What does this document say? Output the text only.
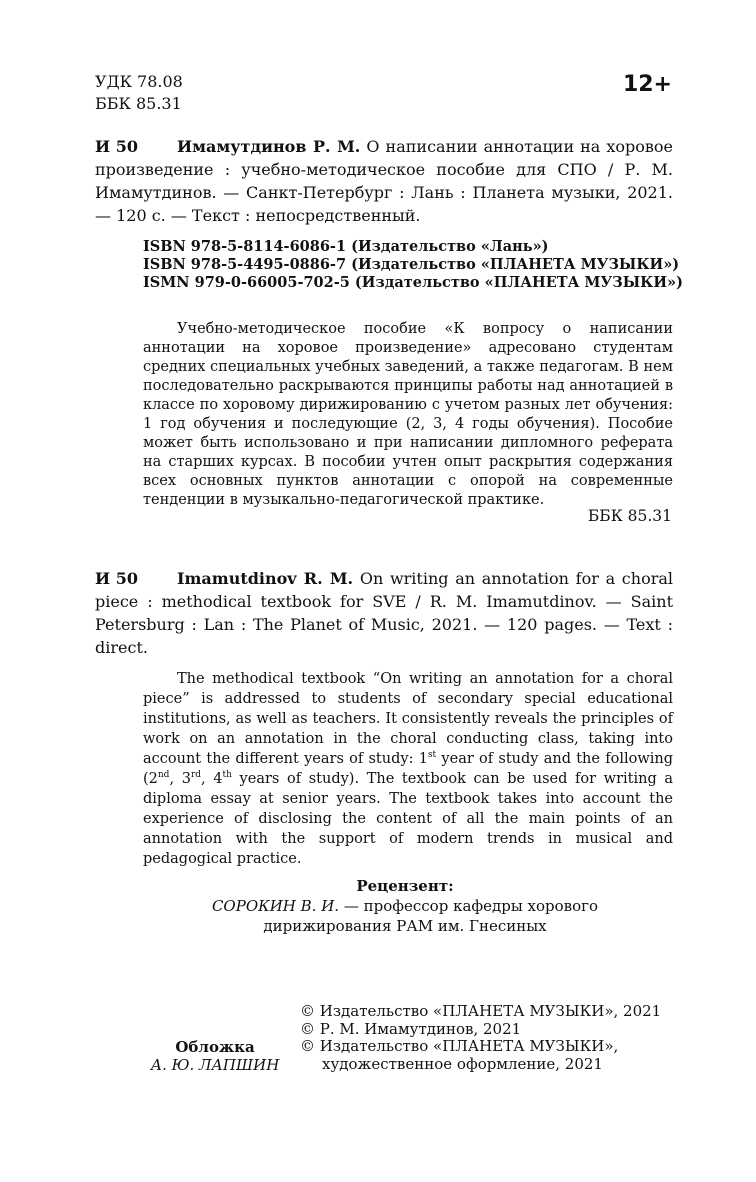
УДК 78.08
ББК 85.31
12+
И 50	Имамутдинов Р. М. О написании аннотации на хоровое произведение : учебно-методическое пособие для СПО / Р. М. Имамутдинов. — Санкт-Петербург : Лань : Планета музыки, 2021. — 120 с. — Текст : непосредственный.
ISBN 978-5-8114-6086-1 (Издательство «Лань»)
ISBN 978-5-4495-0886-7 (Издательство «ПЛАНЕТА МУЗЫКИ»)
ISMN 979-0-66005-702-5 (Издательство «ПЛАНЕТА МУЗЫКИ»)
Учебно-методическое пособие «К вопросу о написании аннотации на хоровое произведение» адресовано студентам средних специальных учебных заведений, а также педагогам. В нем последовательно раскрываются принципы работы над аннотацией в классе по хоровому дирижированию с учетом разных лет обучения: 1 год обучения и последующие (2, 3, 4 годы обучения). Пособие может быть использовано и при написании дипломного реферата на старших курсах. В пособии учтен опыт раскрытия содержания всех основных пунктов аннотации с опорой на современные тенденции в музыкально-педагогической практике.
ББК 85.31
И 50	Imamutdinov R. M. On writing an annotation for a choral piece : methodical textbook for SVE / R. M. Imamutdinov. — Saint Petersburg : Lan : The Planet of Music, 2021. — 120 pages. — Text : direct.
The methodical textbook “On writing an annotation for a choral piece” is addressed to students of secondary special educational institutions, as well as teachers. It consistently reveals the principles of work on an annotation in the choral conducting class, taking into account the different years of study: 1st year of study and the following (2nd, 3rd, 4th years of study). The textbook can be used for writing a diploma essay at senior years. The textbook takes into account the experience of disclosing the content of all the main points of an annotation with the support of modern trends in musical and pedagogical practice.
Рецензент:
СОРОКИН В. И. — профессор кафедры хорового
дирижирования РАМ им. Гнесиных
Обложка
А. Ю. ЛАПШИН
© Издательство «ПЛАНЕТА МУЗЫКИ», 2021
© Р. М. Имамутдинов, 2021
© Издательство «ПЛАНЕТА МУЗЫКИ»,
художественное оформление, 2021
